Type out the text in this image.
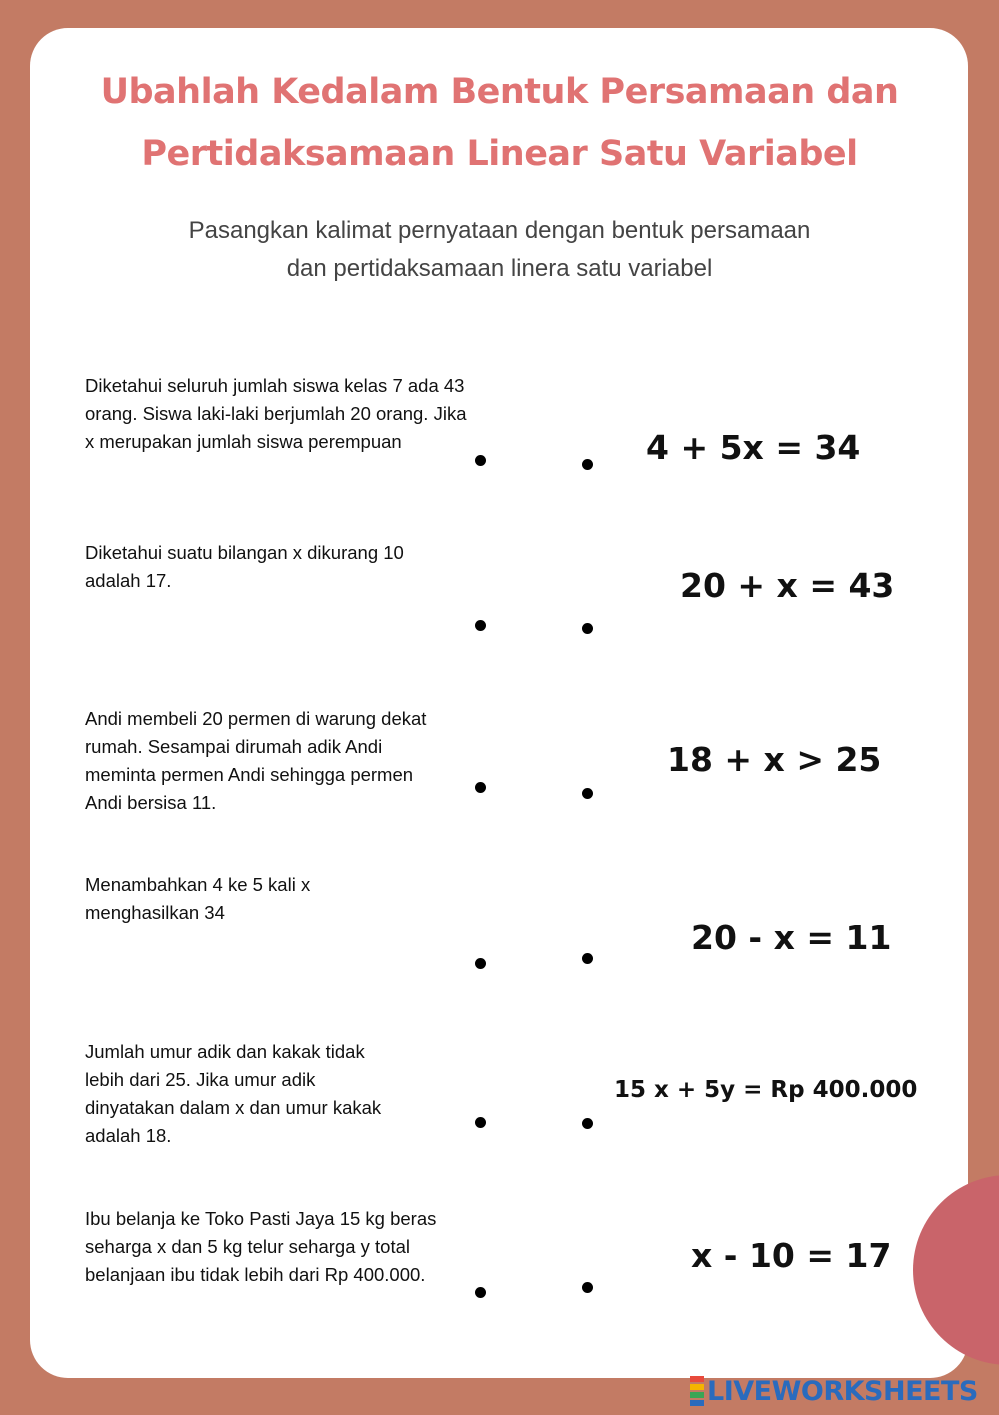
Ubahlah Kedalam Bentuk Persamaan dan
Pertidaksamaan Linear Satu Variabel
Pasangkan kalimat pernyataan dengan bentuk persamaan
dan pertidaksamaan linera satu variabel
Diketahui seluruh jumlah siswa kelas 7 ada 43 orang. Siswa laki-laki berjumlah 20 orang. Jika x merupakan jumlah siswa perempuan
Diketahui suatu bilangan x dikurang 10 adalah 17.
Andi membeli 20 permen di warung dekat rumah. Sesampai dirumah adik Andi meminta permen Andi sehingga permen Andi bersisa 11.
Menambahkan 4 ke 5 kali x menghasilkan 34
Jumlah umur adik dan kakak tidak lebih dari 25. Jika umur adik dinyatakan dalam x dan umur kakak adalah 18.
Ibu belanja ke Toko Pasti Jaya 15 kg beras seharga x dan 5 kg telur seharga y total belanjaan ibu tidak lebih dari Rp 400.000.
4 + 5x = 34
20 + x = 43
18 + x > 25
20 - x = 11
15 x + 5y = Rp 400.000
x - 10 = 17
LIVEWORKSHEETS
